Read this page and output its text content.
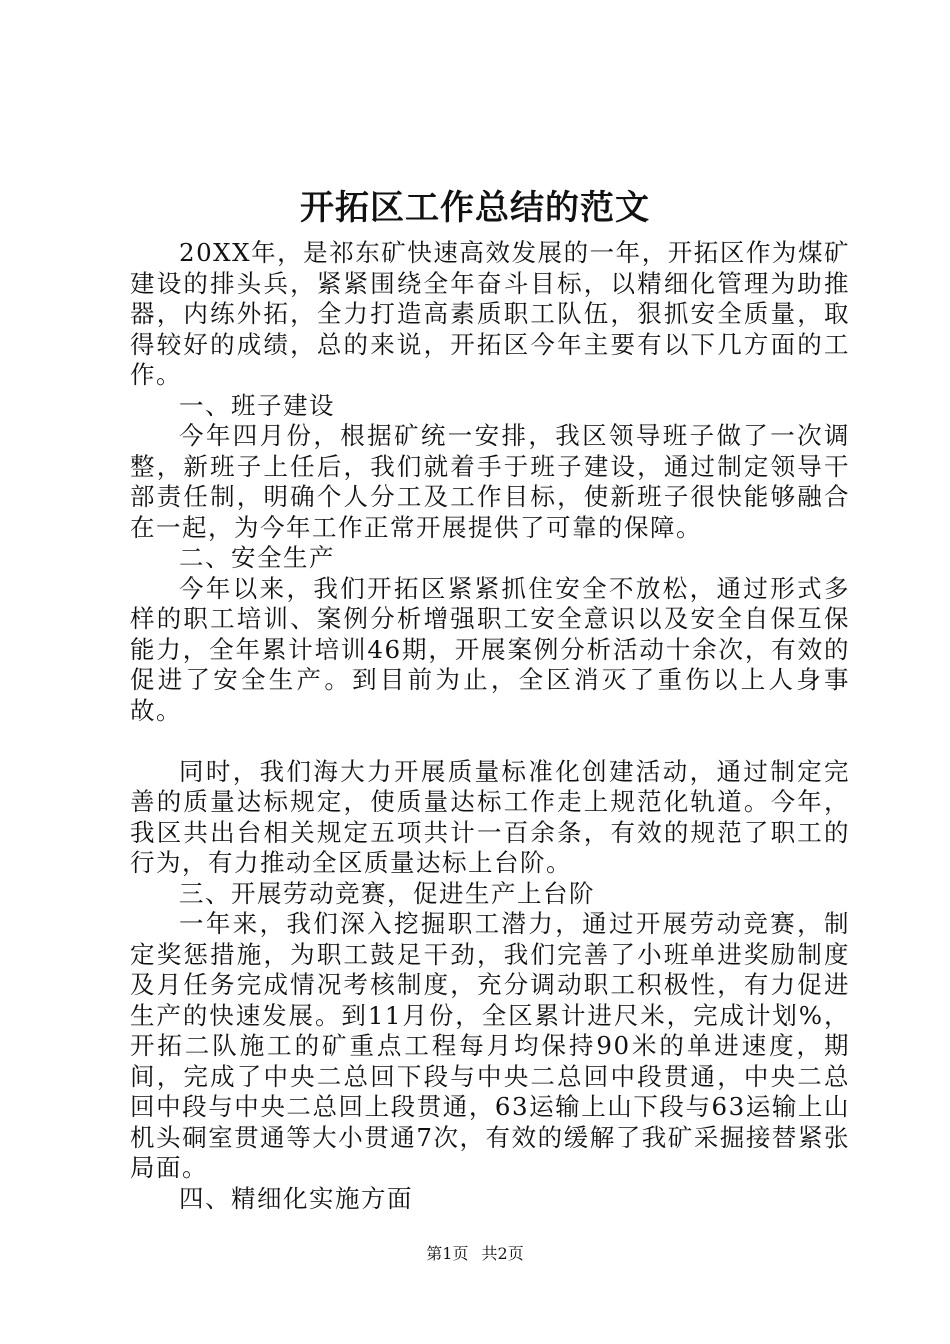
开拓区工作总结的范文

20XX年，是祁东矿快速高效发展的一年，开拓区作为煤矿建设的排头兵，紧紧围绕全年奋斗目标，以精细化管理为助推器，内练外拓，全力打造高素质职工队伍，狠抓安全质量，取得较好的成绩，总的来说，开拓区今年主要有以下几方面的工作。

一、班子建设

今年四月份，根据矿统一安排，我区领导班子做了一次调整，新班子上任后，我们就着手于班子建设，通过制定领导干部责任制，明确个人分工及工作目标，使新班子很快能够融合在一起，为今年工作正常开展提供了可靠的保障。

二、安全生产

今年以来，我们开拓区紧紧抓住安全不放松，通过形式多样的职工培训、案例分析增强职工安全意识以及安全自保互保能力，全年累计培训46期，开展案例分析活动十余次，有效的促进了安全生产。到目前为止，全区消灭了重伤以上人身事故。

同时，我们海大力开展质量标准化创建活动，通过制定完善的质量达标规定，使质量达标工作走上规范化轨道。今年，我区共出台相关规定五项共计一百余条，有效的规范了职工的行为，有力推动全区质量达标上台阶。

三、开展劳动竞赛，促进生产上台阶

一年来，我们深入挖掘职工潜力，通过开展劳动竞赛，制定奖惩措施，为职工鼓足干劲，我们完善了小班单进奖励制度及月任务完成情况考核制度，充分调动职工积极性，有力促进生产的快速发展。到11月份，全区累计进尺米，完成计划%，开拓二队施工的矿重点工程每月均保持90米的单进速度，期间，完成了中央二总回下段与中央二总回中段贯通，中央二总回中段与中央二总回上段贯通，63运输上山下段与63运输上山机头硐室贯通等大小贯通7次，有效的缓解了我矿采掘接替紧张局面。

四、精细化实施方面

第1页 共2页
